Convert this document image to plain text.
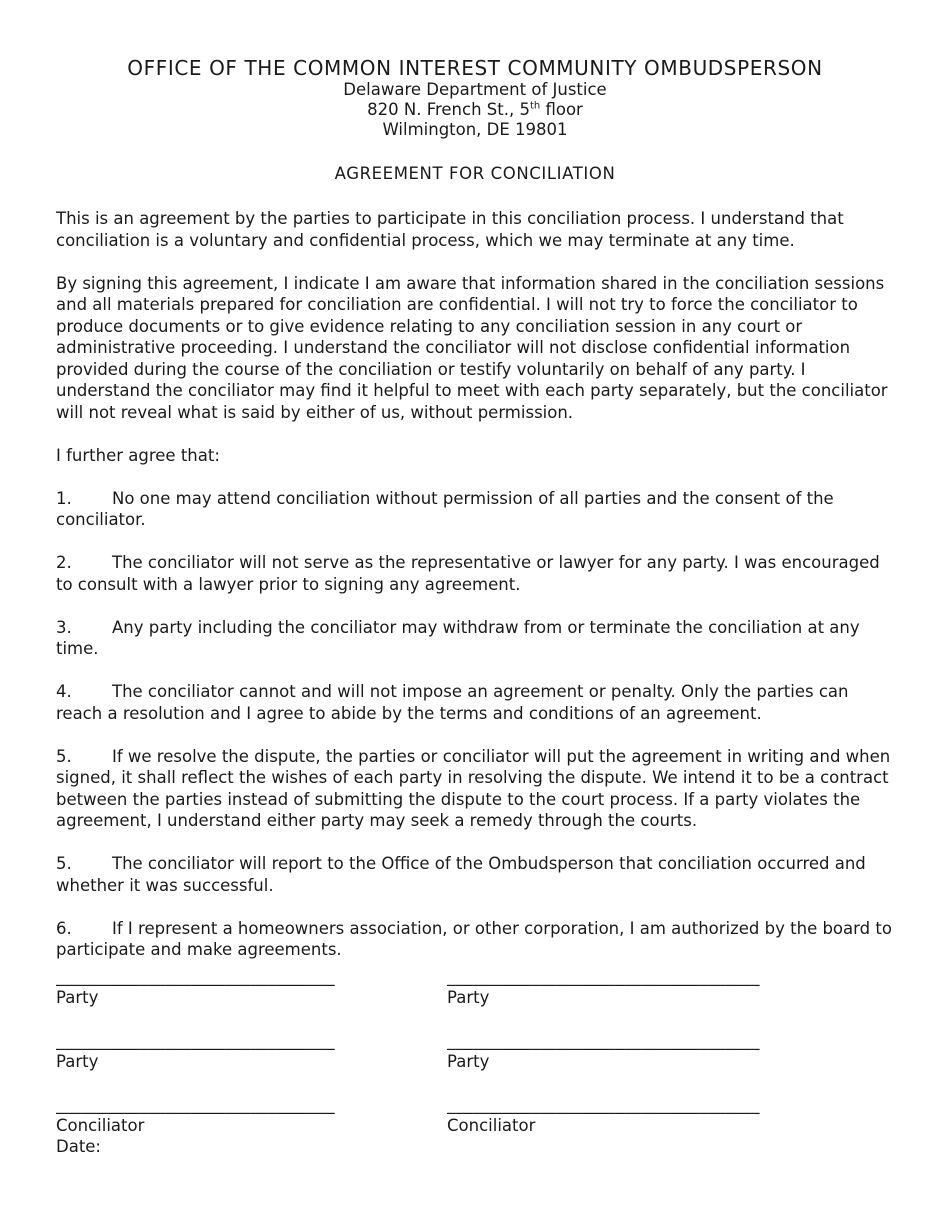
OFFICE OF THE COMMON INTEREST COMMUNITY OMBUDSPERSON
Delaware Department of Justice
820 N. French St., 5th floor
Wilmington, DE 19801
AGREEMENT FOR CONCILIATION

This is an agreement by the parties to participate in this conciliation process. I understand that conciliation is a voluntary and confidential process, which we may terminate at any time.

By signing this agreement, I indicate I am aware that information shared in the conciliation sessions and all materials prepared for conciliation are confidential. I will not try to force the conciliator to produce documents or to give evidence relating to any conciliation session in any court or administrative proceeding. I understand the conciliator will not disclose confidential information provided during the course of the conciliation or testify voluntarily on behalf of any party. I understand the conciliator may find it helpful to meet with each party separately, but the conciliator will not reveal what is said by either of us, without permission.

I further agree that:

1. No one may attend conciliation without permission of all parties and the consent of the conciliator.
2. The conciliator will not serve as the representative or lawyer for any party. I was encouraged to consult with a lawyer prior to signing any agreement.
3. Any party including the conciliator may withdraw from or terminate the conciliation at any time.
4. The conciliator cannot and will not impose an agreement or penalty. Only the parties can reach a resolution and I agree to abide by the terms and conditions of an agreement.
5. If we resolve the dispute, the parties or conciliator will put the agreement in writing and when signed, it shall reflect the wishes of each party in resolving the dispute. We intend it to be a contract between the parties instead of submitting the dispute to the court process. If a party violates the agreement, I understand either party may seek a remedy through the courts.
5. The conciliator will report to the Office of the Ombudsperson that conciliation occurred and whether it was successful.
6. If I represent a homeowners association, or other corporation, I am authorized by the board to participate and make agreements.
_________________________________
Party
_____________________________________
Party
_________________________________
Party
_____________________________________
Party
_________________________________
Conciliator
Date:
_____________________________________
Conciliator
